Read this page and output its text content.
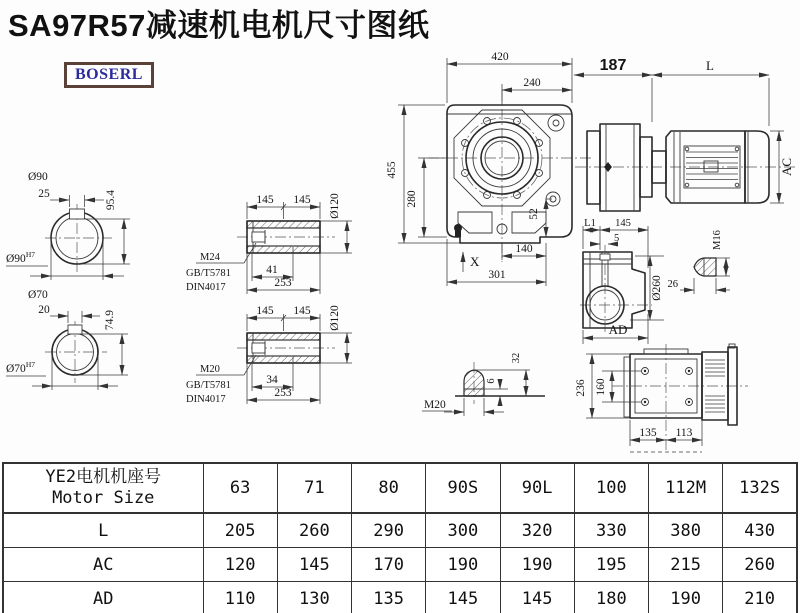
SA97R57减速机电机尺寸图纸
BOSERL
25	95.4
Ø90
$Ø90^{H7}$
20	74.9
Ø70
$Ø70^{H7}$
145 145 Ø120
M24
GB/T5781
DIN4017
41
253
145 145 Ø120
M20
GB/T5781
DIN4017
34
253
420
240
455
280
52
140
301
X
187	L
AC
L1 145
5
Ø260
AD
M16
26
M20
6
32
236 160
135 113
YE2电机机座号
Motor Size	63	71	80	90S	90L	100	112M	132S
L	205	260	290	300	320	330	380	430
AC	120	145	170	190	190	195	215	260
AD	110	130	135	145	145	180	190	210
